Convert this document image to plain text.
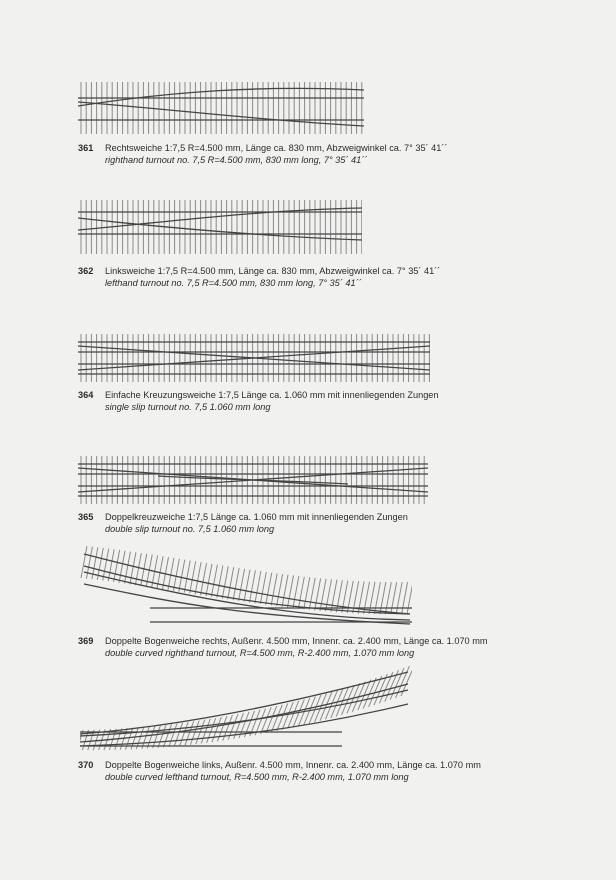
361 Rechtsweiche 1:7,5 R=4.500 mm, Länge ca. 830 mm, Abzweigwinkel ca. 7° 35´ 41´´
righthand turnout no. 7,5 R=4.500 mm, 830 mm long, 7° 35´ 41´´
362 Linksweiche 1:7,5 R=4.500 mm, Länge ca. 830 mm, Abzweigwinkel ca. 7° 35´ 41´´
lefthand turnout no. 7,5 R=4.500 mm, 830 mm long, 7° 35´ 41´´
364 Einfache Kreuzungsweiche 1:7,5 Länge ca. 1.060 mm mit innenliegenden Zungen
single slip turnout no. 7,5 1.060 mm long
365 Doppelkreuzweiche 1:7,5 Länge ca. 1.060 mm mit innenliegenden Zungen
double slip turnout no. 7,5 1.060 mm long
369 Doppelte Bogenweiche rechts, Außenr. 4.500 mm, Innenr. ca. 2.400 mm, Länge ca. 1.070 mm
double curved righthand turnout, R=4.500 mm, R-2.400 mm, 1.070 mm long
370 Doppelte Bogenweiche links, Außenr. 4.500 mm, Innenr. ca. 2.400 mm, Länge ca. 1.070 mm
double curved lefthand turnout, R=4.500 mm, R-2.400 mm, 1.070 mm long
